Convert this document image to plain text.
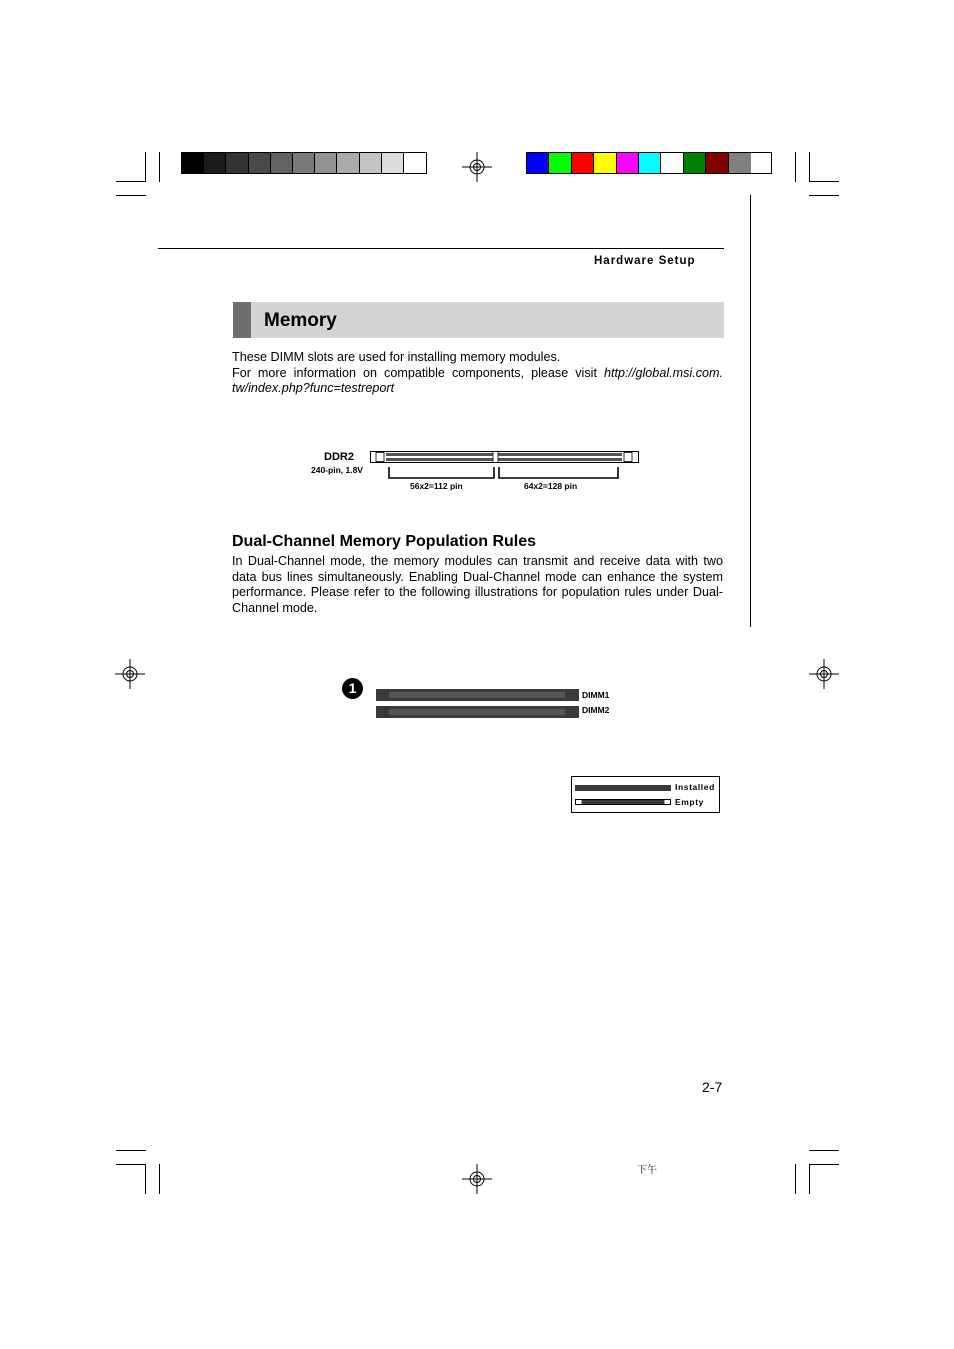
Hardware Setup
Memory
These DIMM slots are used for installing memory modules.
For more information on compatible components, please visit http://global.msi.com.
tw/index.php?func=testreport
DDR2
240-pin, 1.8V
56x2=112 pin	64x2=128 pin
Dual-Channel Memory Population Rules
In Dual-Channel mode, the memory modules can transmit and receive data with two data bus lines simultaneously. Enabling Dual-Channel mode can enhance the system performance. Please refer to the following illustrations for population rules under Dual-Channel mode.
1	DIMM1
DIMM2
Installed
Empty
2-7
下午
